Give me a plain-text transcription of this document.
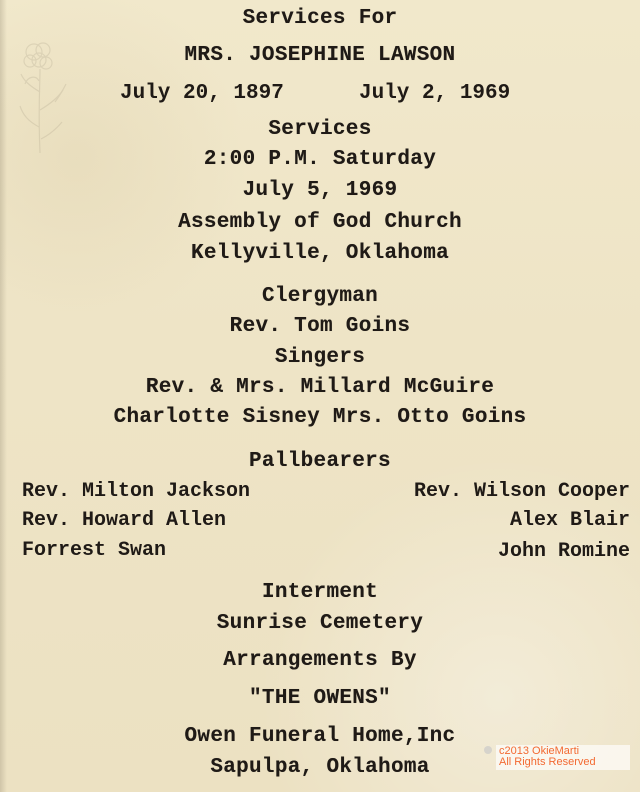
Services For
MRS. JOSEPHINE LAWSON
July 20, 1897	July 2, 1969
Services
2:00 P.M. Saturday
July 5, 1969
Assembly of God Church
Kellyville, Oklahoma
Clergyman
Rev. Tom Goins
Singers
Rev. & Mrs. Millard McGuire
Charlotte Sisney Mrs. Otto Goins
Pallbearers
Rev. Milton Jackson	Rev. Wilson Cooper
Rev. Howard Allen	Alex Blair
Forrest Swan	John Romine
Interment
Sunrise Cemetery
Arrangements By
"THE OWENS"
Owen Funeral Home,Inc
Sapulpa, Oklahoma
c2013 OkieMarti
All Rights Reserved
